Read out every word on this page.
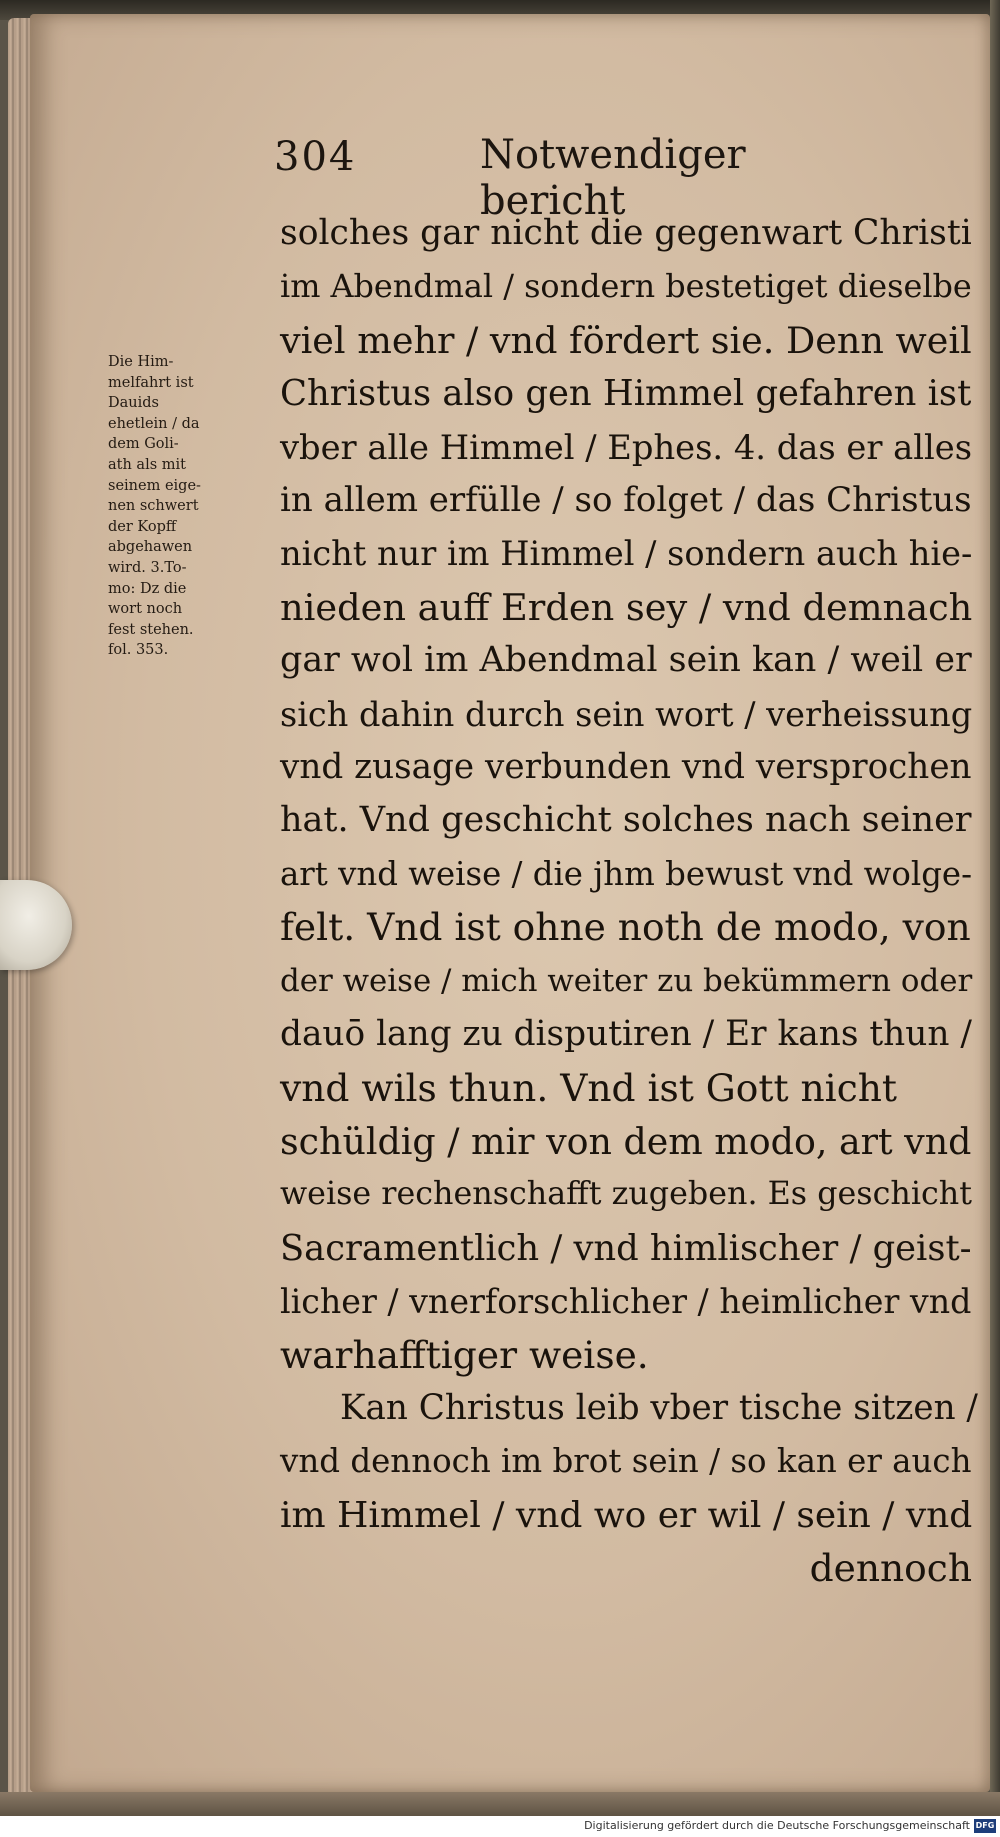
304	Notwendiger bericht
Die Him-
melfahrt ist
Dauids
ehetlein / da
dem Goli-
ath als mit
seinem eige-
nen schwert
der Kopff
abgehawen
wird. 3.To-
mo: Dz die
wort noch
fest stehen.
fol. 353.
solches gar nicht die gegenwart Christi
im Abendmal / sondern bestetiget dieselbe
viel mehr / vnd fördert sie. Denn weil
Christus also gen Himmel gefahren ist
vber alle Himmel / Ephes. 4. das er alles
in allem erfülle / so folget / das Christus
nicht nur im Himmel / sondern auch hie-
nieden auff Erden sey / vnd demnach
gar wol im Abendmal sein kan / weil er
sich dahin durch sein wort / verheissung
vnd zusage verbunden vnd versprochen
hat. Vnd geschicht solches nach seiner
art vnd weise / die jhm bewust vnd wolge-
felt. Vnd ist ohne noth de modo, von
der weise / mich weiter zu bekümmern oder
dauō lang zu disputiren / Er kans thun /
vnd wils thun. Vnd ist Gott nicht
schüldig / mir von dem modo, art vnd
weise rechenschafft zugeben. Es geschicht
Sacramentlich / vnd himlischer / geist-
licher / vnerforschlicher / heimlicher vnd
warhafftiger weise.
Kan Christus leib vber tische sitzen /
vnd dennoch im brot sein / so kan er auch
im Himmel / vnd wo er wil / sein / vnd
dennoch
Digitalisierung gefördert durch die Deutsche Forschungsgemeinschaft DFG
